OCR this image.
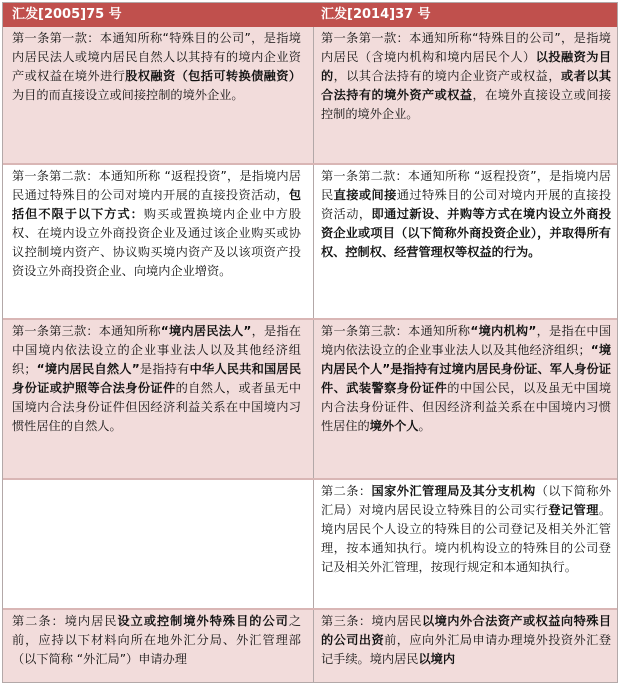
汇发[2005]75 号	汇发[2014]37 号
第一条第一款：本通知所称“特殊目的公司”，是指境内居民法人或境内居民自然人以其持有的境内企业资产或权益在境外进行股权融资（包括可转换债融资）为目的而直接设立或间接控制的境外企业。
第一条第一款：本通知所称“特殊目的公司”，是指境内居民（含境内机构和境内居民个人）以投融资为目的，以其合法持有的境内企业资产或权益，或者以其合法持有的境外资产或权益，在境外直接设立或间接控制的境外企业。
第一条第二款：本通知所称 “返程投资”，是指境内居民通过特殊目的公司对境内开展的直接投资活动，包括但不限于以下方式：购买或置换境内企业中方股权、在境内设立外商投资企业及通过该企业购买或协议控制境内资产、协议购买境内资产及以该项资产投资设立外商投资企业、向境内企业增资。
第一条第二款：本通知所称 “返程投资”，是指境内居民直接或间接通过特殊目的公司对境内开展的直接投资活动，即通过新设、并购等方式在境内设立外商投资企业或项目（以下简称外商投资企业），并取得所有权、控制权、经营管理权等权益的行为。
第一条第三款：本通知所称“境内居民法人”，是指在中国境内依法设立的企业事业法人以及其他经济组织；“境内居民自然人”是指持有中华人民共和国居民身份证或护照等合法身份证件的自然人，或者虽无中国境内合法身份证件但因经济利益关系在中国境内习惯性居住的自然人。
第一条第三款：本通知所称“境内机构”，是指在中国境内依法设立的企业事业法人以及其他经济组织；“境内居民个人”是指持有过境内居民身份证、军人身份证件、武装警察身份证件的中国公民，以及虽无中国境内合法身份证件、但因经济利益关系在中国境内习惯性居住的境外个人。
第二条：国家外汇管理局及其分支机构（以下简称外汇局）对境内居民设立特殊目的公司实行登记管理。境内居民个人设立的特殊目的公司登记及相关外汇管理，按本通知执行。境内机构设立的特殊目的公司登记及相关外汇管理，按现行规定和本通知执行。
第二条：境内居民设立或控制境外特殊目的公司之前，应持以下材料向所在地外汇分局、外汇管理部（以下简称 “外汇局”）申请办理
第三条：境内居民以境内外合法资产或权益向特殊目的公司出资前，应向外汇局申请办理境外投资外汇登记手续。境内居民以境内
